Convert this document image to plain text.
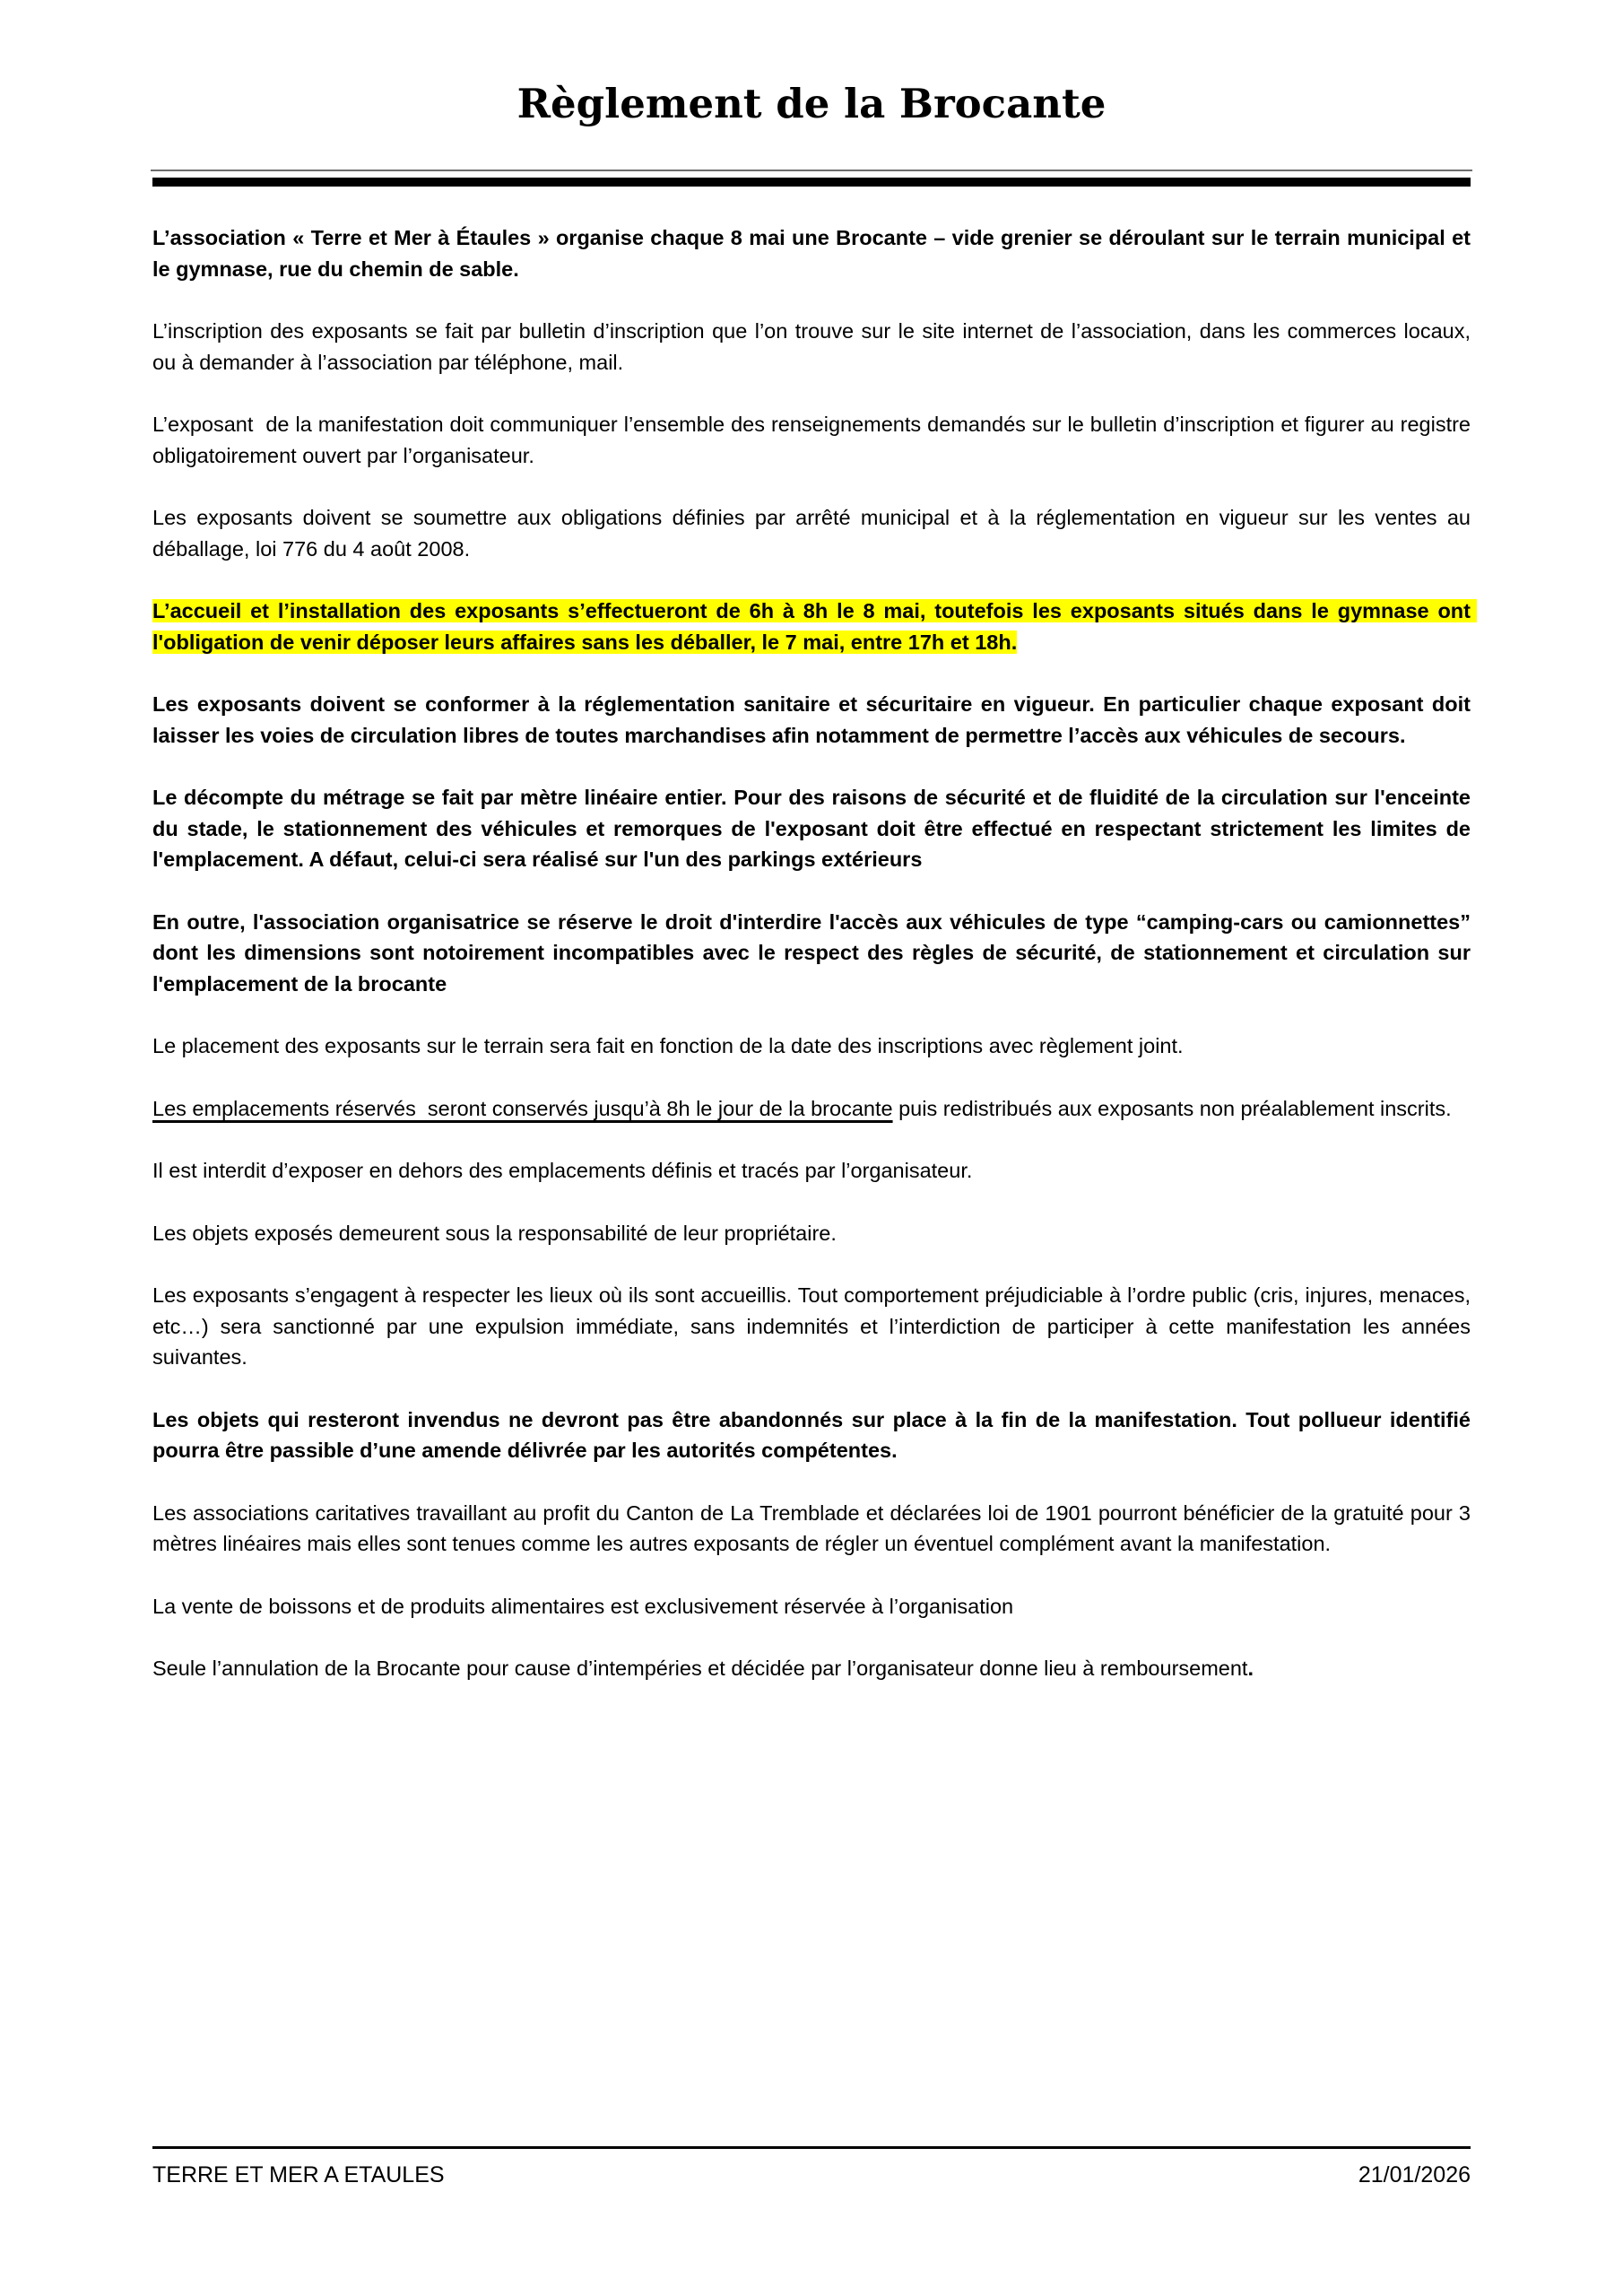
Règlement de la Brocante

L’association « Terre et Mer à Étaules » organise chaque 8 mai une Brocante – vide grenier se déroulant sur le terrain municipal et le gymnase, rue du chemin de sable.

L’inscription des exposants se fait par bulletin d’inscription que l’on trouve sur le site internet de l’association, dans les commerces locaux,  ou à demander à l’association par téléphone, mail.

L’exposant  de la manifestation doit communiquer l’ensemble des renseignements demandés sur le bulletin d’inscription et figurer au registre  obligatoirement ouvert par l’organisateur.

Les exposants doivent se soumettre aux obligations définies par arrêté municipal et à la réglementation en vigueur sur les ventes au déballage, loi 776 du 4 août 2008.

L’accueil et l’installation des exposants s’effectueront de 6h à 8h le 8 mai, toutefois les exposants situés dans le gymnase ont l'obligation de venir déposer leurs affaires sans les déballer, le 7 mai, entre 17h et 18h.

Les exposants doivent se conformer à la réglementation sanitaire et sécuritaire en vigueur. En particulier chaque exposant doit laisser les voies de circulation libres de toutes marchandises afin notamment de permettre l’accès aux véhicules de secours.

Le décompte du métrage se fait par mètre linéaire entier. Pour des raisons de sécurité et de fluidité de la circulation sur l'enceinte du stade, le stationnement des véhicules et remorques de l'exposant doit être effectué en respectant strictement les limites de l'emplacement. A défaut, celui-ci sera réalisé sur l'un des parkings extérieurs

En outre, l'association organisatrice se réserve le droit d'interdire l'accès aux véhicules de type “camping-cars ou camionnettes” dont les dimensions sont notoirement incompatibles avec le respect des règles de sécurité, de stationnement et circulation sur l'emplacement de la brocante

Le placement des exposants sur le terrain sera fait en fonction de la date des inscriptions avec règlement joint.

Les emplacements réservés  seront conservés jusqu’à 8h le jour de la brocante puis redistribués aux exposants non préalablement inscrits.

Il est interdit d’exposer en dehors des emplacements définis et tracés par l’organisateur.

Les objets exposés demeurent sous la responsabilité de leur propriétaire.

Les exposants s’engagent à respecter les lieux où ils sont accueillis. Tout comportement préjudiciable à l’ordre public (cris, injures, menaces, etc…) sera sanctionné par une expulsion immédiate, sans indemnités et l’interdiction de participer à cette manifestation les années suivantes.

Les objets qui resteront invendus ne devront pas être abandonnés sur place à la fin de la manifestation. Tout pollueur identifié pourra être passible d’une amende délivrée par les autorités compétentes.

Les associations caritatives travaillant au profit du Canton de La Tremblade et déclarées loi de 1901 pourront bénéficier de la gratuité pour 3 mètres linéaires mais elles sont tenues comme les autres exposants de régler un éventuel complément avant la manifestation.

La vente de boissons et de produits alimentaires est exclusivement réservée à l’organisation

Seule l’annulation de la Brocante pour cause d’intempéries et décidée par l’organisateur donne lieu à remboursement.

TERRE ET MER A ETAULES	21/01/2026
